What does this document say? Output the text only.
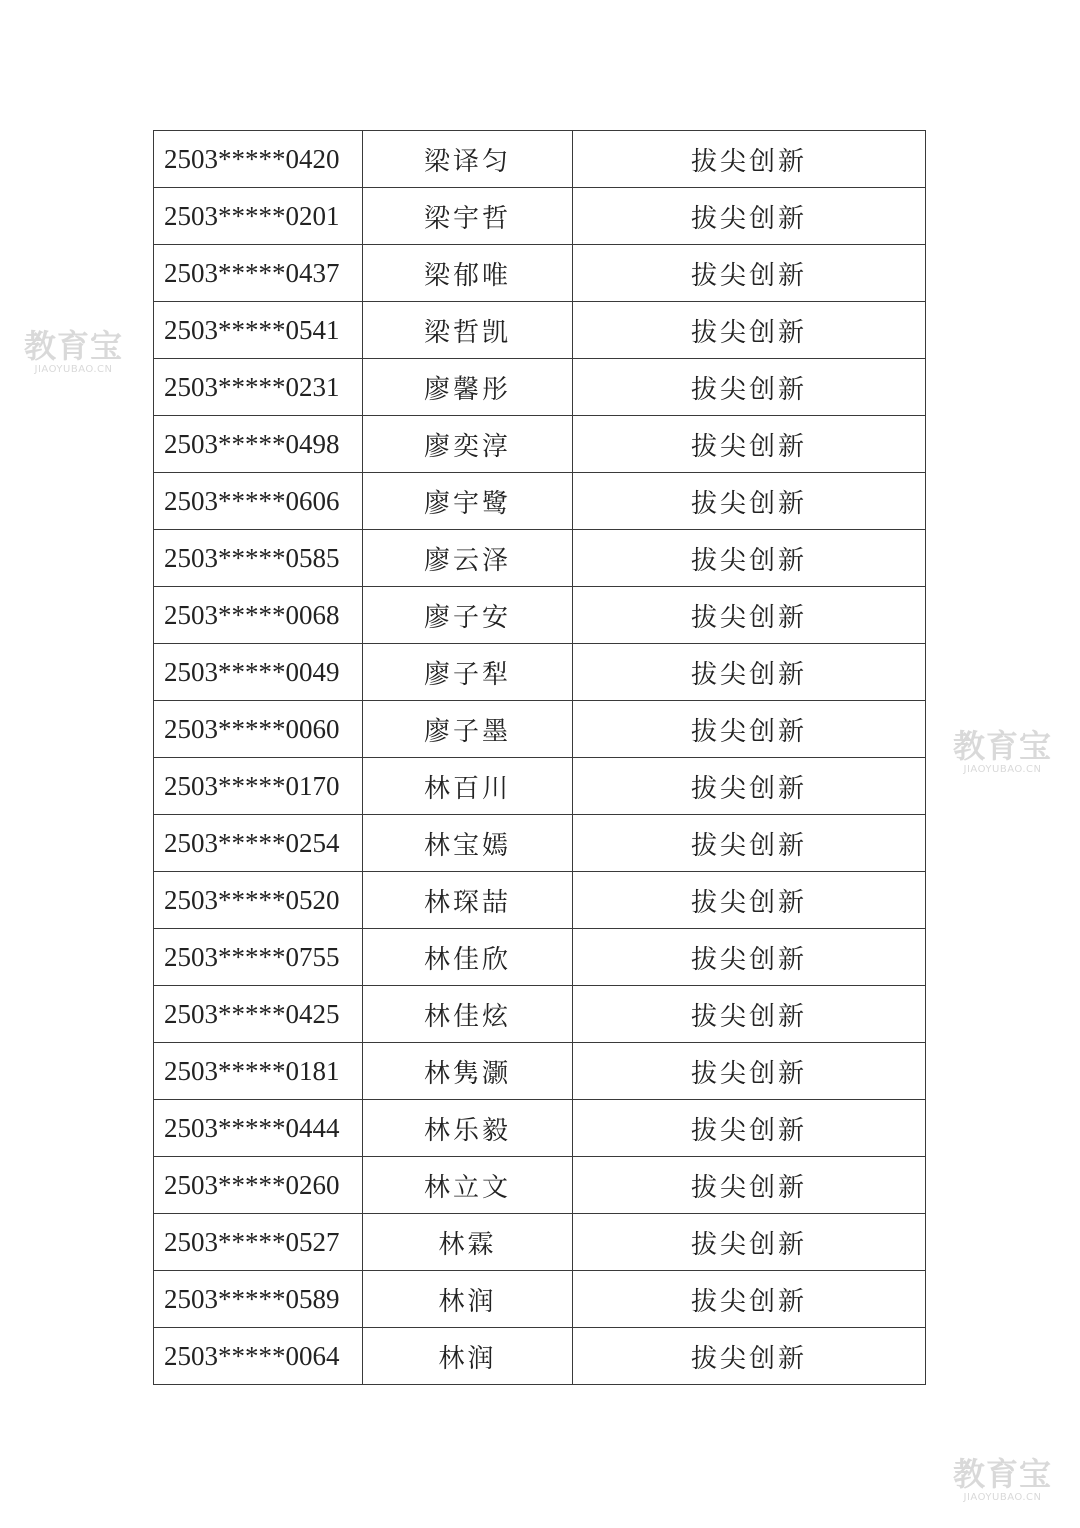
2503*****0420	梁译匀	拔尖创新
2503*****0201	梁宇哲	拔尖创新
2503*****0437	梁郁唯	拔尖创新
2503*****0541	梁哲凯	拔尖创新
2503*****0231	廖馨彤	拔尖创新
2503*****0498	廖奕淳	拔尖创新
2503*****0606	廖宇鹭	拔尖创新
2503*****0585	廖云泽	拔尖创新
2503*****0068	廖子安	拔尖创新
2503*****0049	廖子犁	拔尖创新
2503*****0060	廖子墨	拔尖创新
2503*****0170	林百川	拔尖创新
2503*****0254	林宝嫣	拔尖创新
2503*****0520	林琛喆	拔尖创新
2503*****0755	林佳欣	拔尖创新
2503*****0425	林佳炫	拔尖创新
2503*****0181	林隽灏	拔尖创新
2503*****0444	林乐毅	拔尖创新
2503*****0260	林立文	拔尖创新
2503*****0527	林霖	拔尖创新
2503*****0589	林润	拔尖创新
2503*****0064	林润	拔尖创新
教育宝
JIAOYUBAO.CN
教育宝
JIAOYUBAO.CN
教育宝
JIAOYUBAO.CN
